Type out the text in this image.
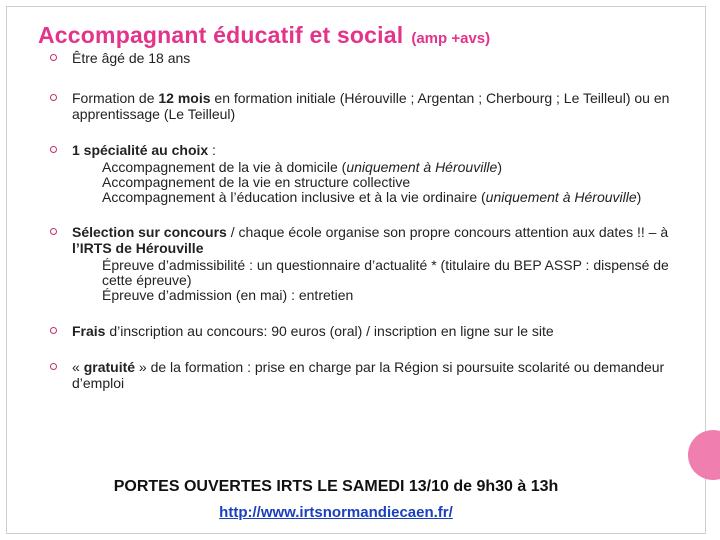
Accompagnant éducatif et social (amp +avs)
Être âgé de 18 ans
Formation de 12 mois en formation initiale (Hérouville ; Argentan ; Cherbourg ; Le Teilleul) ou en apprentissage (Le Teilleul)
1 spécialité au choix :
Accompagnement de la vie à domicile (uniquement à Hérouville)
Accompagnement de la vie en structure collective
Accompagnement à l’éducation inclusive et à la vie ordinaire (uniquement à Hérouville)
Sélection sur concours / chaque école organise son propre concours attention aux dates !! – à l’IRTS de Hérouville
Épreuve d’admissibilité : un questionnaire d’actualité * (titulaire du BEP ASSP : dispensé de cette épreuve)
Épreuve d’admission (en mai) : entretien
Frais d’inscription au concours: 90 euros (oral) / inscription en ligne sur le site
« gratuité » de la formation : prise en charge par la Région si poursuite scolarité ou demandeur d’emploi
PORTES OUVERTES IRTS LE SAMEDI 13/10 de 9h30 à 13h
http://www.irtsnormandiecaen.fr/
